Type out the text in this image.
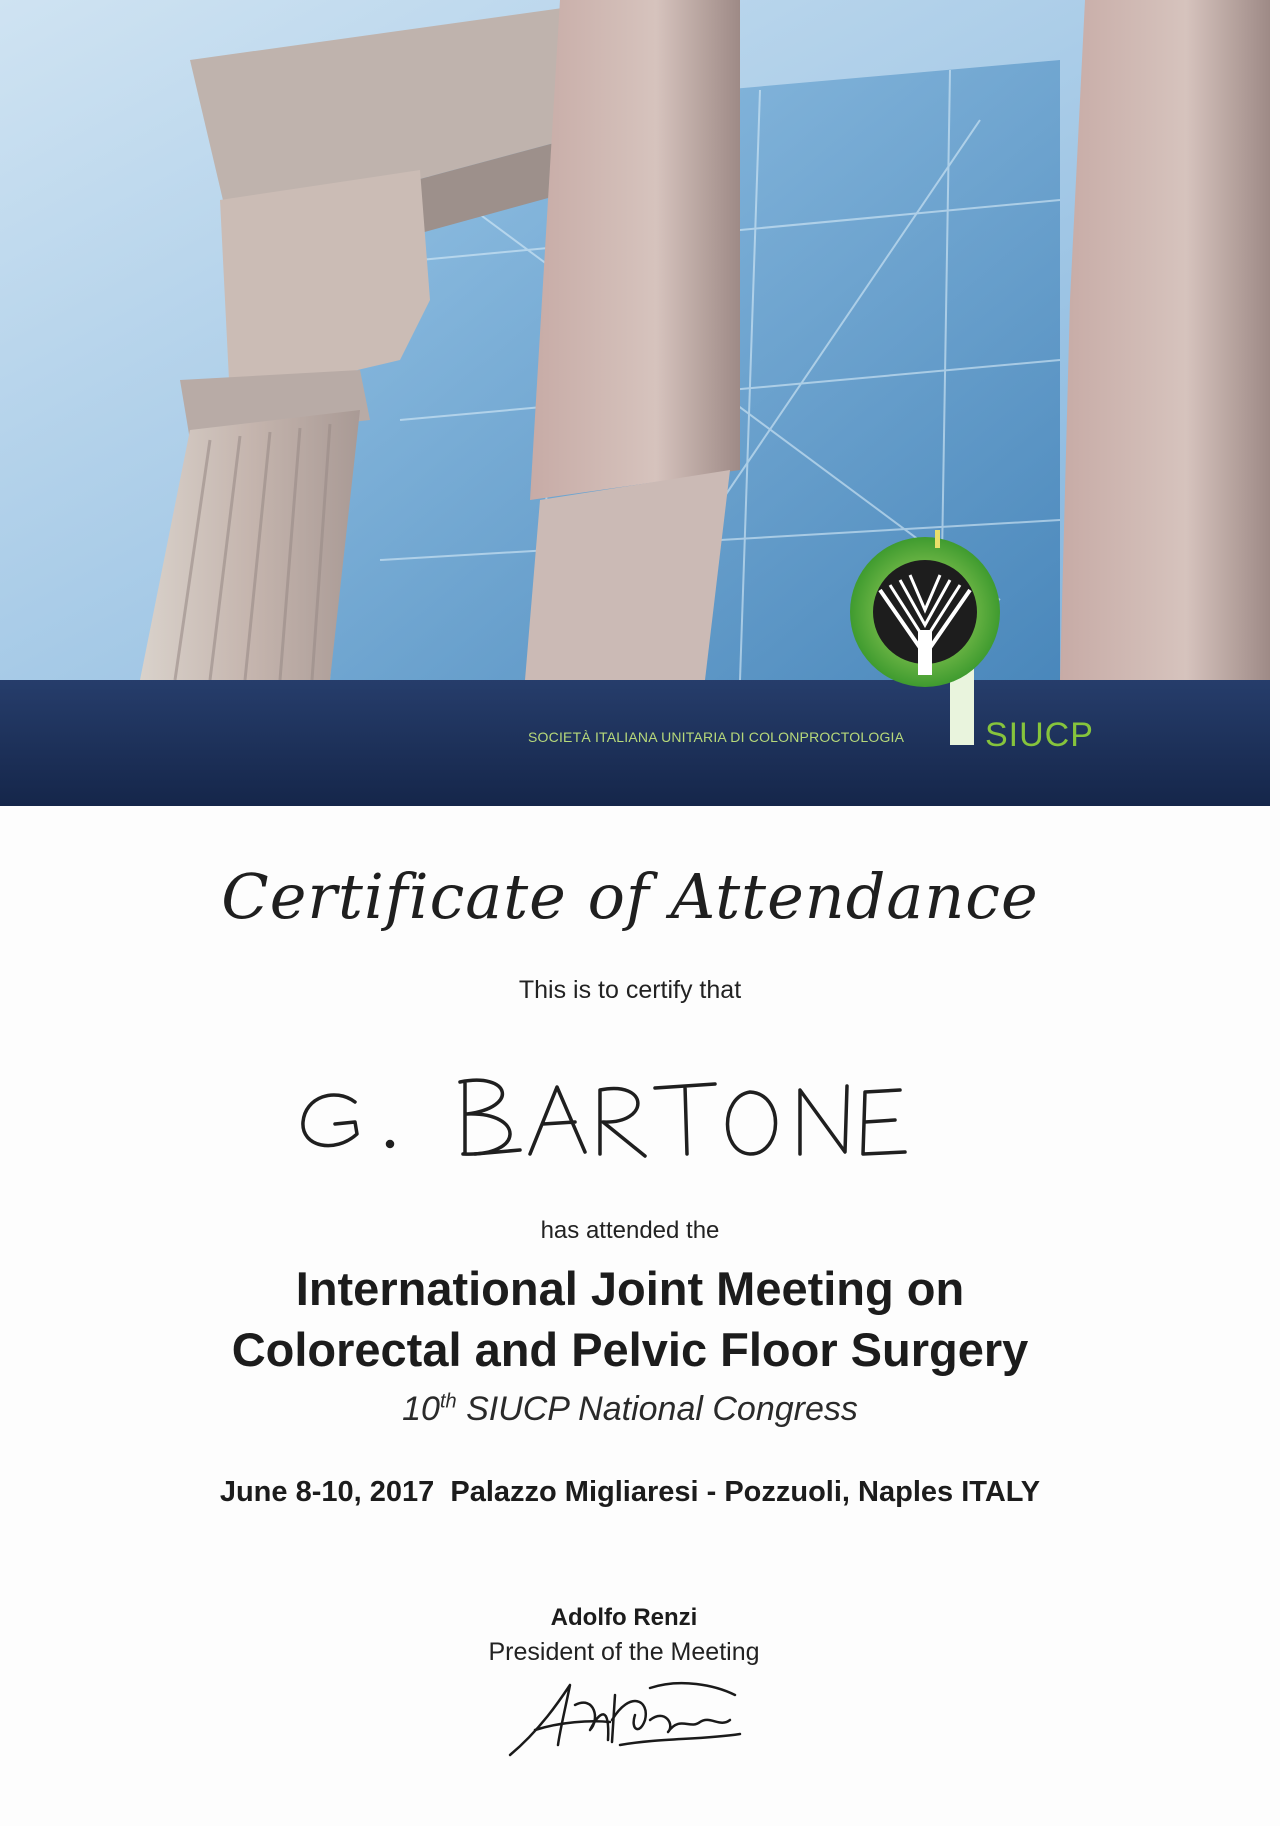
SOCIETÀ ITALIANA UNITARIA DI COLONPROCTOLOGIA SIUCP
Certificate of Attendance
This is to certify that
has attended the
International Joint Meeting on
Colorectal and Pelvic Floor Surgery
10th SIUCP National Congress
June 8-10, 2017  Palazzo Migliaresi - Pozzuoli, Naples ITALY
Adolfo Renzi
President of the Meeting
